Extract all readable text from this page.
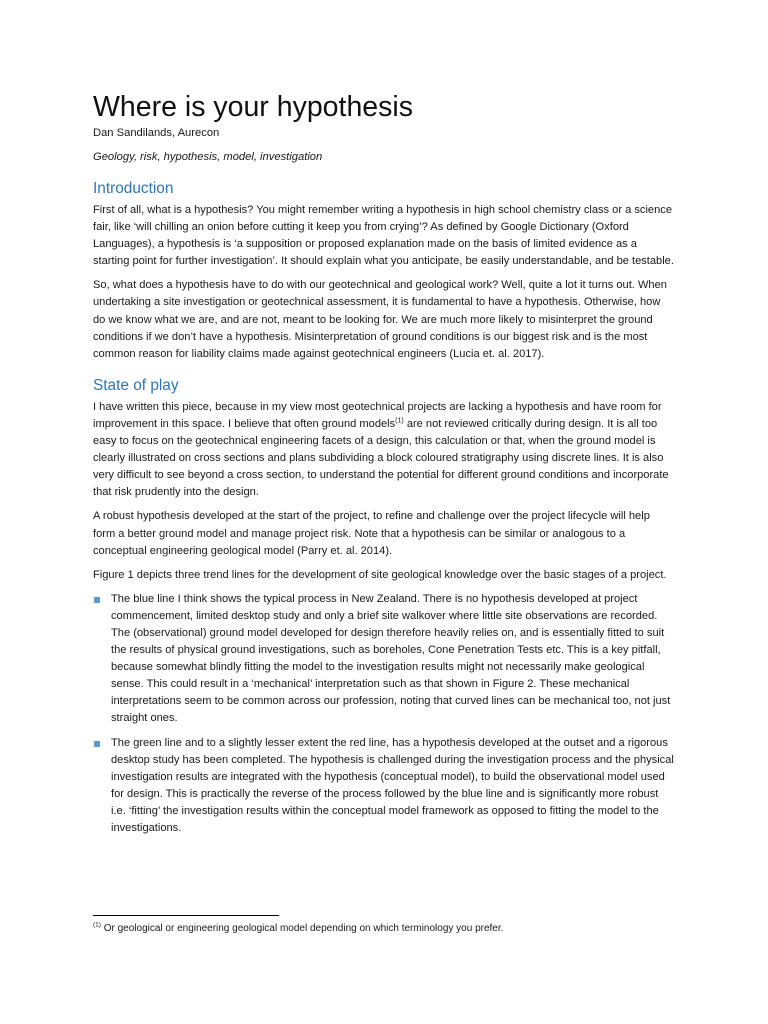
Where is your hypothesis

Dan Sandilands, Aurecon

Geology, risk, hypothesis, model, investigation

Introduction

First of all, what is a hypothesis? You might remember writing a hypothesis in high school chemistry class or a science fair, like ‘will chilling an onion before cutting it keep you from crying’? As defined by Google Dictionary (Oxford Languages), a hypothesis is ‘a supposition or proposed explanation made on the basis of limited evidence as a starting point for further investigation’. It should explain what you anticipate, be easily understandable, and be testable.

So, what does a hypothesis have to do with our geotechnical and geological work? Well, quite a lot it turns out. When undertaking a site investigation or geotechnical assessment, it is fundamental to have a hypothesis. Otherwise, how do we know what we are, and are not, meant to be looking for. We are much more likely to misinterpret the ground conditions if we don’t have a hypothesis. Misinterpretation of ground conditions is our biggest risk and is the most common reason for liability claims made against geotechnical engineers (Lucia et. al. 2017).

State of play

I have written this piece, because in my view most geotechnical projects are lacking a hypothesis and have room for improvement in this space. I believe that often ground models$^{(1)}$ are not reviewed critically during design. It is all too easy to focus on the geotechnical engineering facets of a design, this calculation or that, when the ground model is clearly illustrated on cross sections and plans subdividing a block coloured stratigraphy using discrete lines. It is also very difficult to see beyond a cross section, to understand the potential for different ground conditions and incorporate that risk prudently into the design.

A robust hypothesis developed at the start of the project, to refine and challenge over the project lifecycle will help form a better ground model and manage project risk. Note that a hypothesis can be similar or analogous to a conceptual engineering geological model (Parry et. al. 2014).

Figure 1 depicts three trend lines for the development of site geological knowledge over the basic stages of a project.

The blue line I think shows the typical process in New Zealand. There is no hypothesis developed at project commencement, limited desktop study and only a brief site walkover where little site observations are recorded. The (observational) ground model developed for design therefore heavily relies on, and is essentially fitted to suit the results of physical ground investigations, such as boreholes, Cone Penetration Tests etc. This is a key pitfall, because somewhat blindly fitting the model to the investigation results might not necessarily make geological sense. This could result in a ‘mechanical’ interpretation such as that shown in Figure 2. These mechanical interpretations seem to be common across our profession, noting that curved lines can be mechanical too, not just straight ones.
The green line and to a slightly lesser extent the red line, has a hypothesis developed at the outset and a rigorous desktop study has been completed. The hypothesis is challenged during the investigation process and the physical investigation results are integrated with the hypothesis (conceptual model), to build the observational model used for design. This is practically the reverse of the process followed by the blue line and is significantly more robust i.e. ‘fitting’ the investigation results within the conceptual model framework as opposed to fitting the model to the investigations.
$^{(1)}$ Or geological or engineering geological model depending on which terminology you prefer.
